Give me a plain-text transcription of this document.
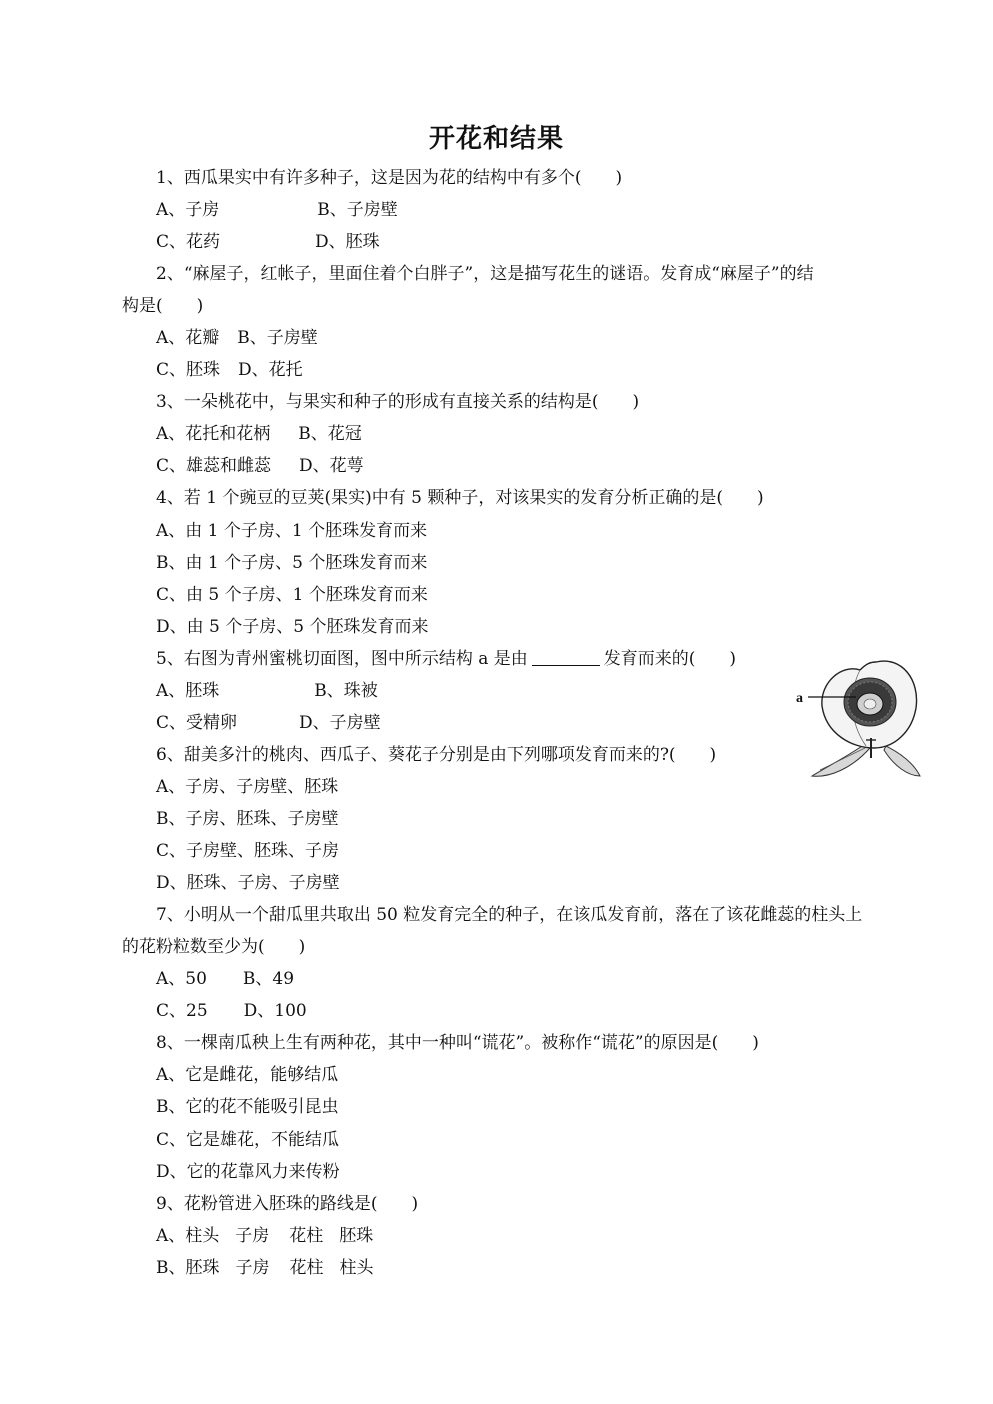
开花和结果
1、西瓜果实中有许多种子，这是因为花的结构中有多个(　　)
A、子房	B、子房壁
C、花药	D、胚珠
2、“麻屋子，红帐子，里面住着个白胖子”，这是描写花生的谜语。发育成“麻屋子”的结
构是(　　)
A、花瓣 B、子房壁
C、胚珠 D、花托
3、一朵桃花中，与果实和种子的形成有直接关系的结构是(　　)
A、花托和花柄 B、花冠
C、雄蕊和雌蕊 D、花萼
4、若 1 个豌豆的豆荚(果实)中有 5 颗种子，对该果实的发育分析正确的是(　　)
A、由 1 个子房、1 个胚珠发育而来
B、由 1 个子房、5 个胚珠发育而来
C、由 5 个子房、1 个胚珠发育而来
D、由 5 个子房、5 个胚珠发育而来
5、右图为青州蜜桃切面图，图中所示结构 a 是由	发育而来的(　　)
A、胚珠	B、珠被
C、受精卵	D、子房壁
a
6、甜美多汁的桃肉、西瓜子、葵花子分别是由下列哪项发育而来的?(　　)
A、子房、子房壁、胚珠
B、子房、胚珠、子房壁
C、子房壁、胚珠、子房
D、胚珠、子房、子房壁
7、小明从一个甜瓜里共取出 50 粒发育完全的种子，在该瓜发育前，落在了该花雌蕊的柱头上
的花粉粒数至少为(　　)
A、50 B、49
C、25 D、100
8、一棵南瓜秧上生有两种花，其中一种叫“谎花”。被称作“谎花”的原因是(　　)
A、它是雌花，能够结瓜
B、它的花不能吸引昆虫
C、它是雄花，不能结瓜
D、它的花靠风力来传粉
9、花粉管进入胚珠的路线是(　　)
A、柱头 子房 花柱 胚珠
B、胚珠 子房 花柱 柱头
